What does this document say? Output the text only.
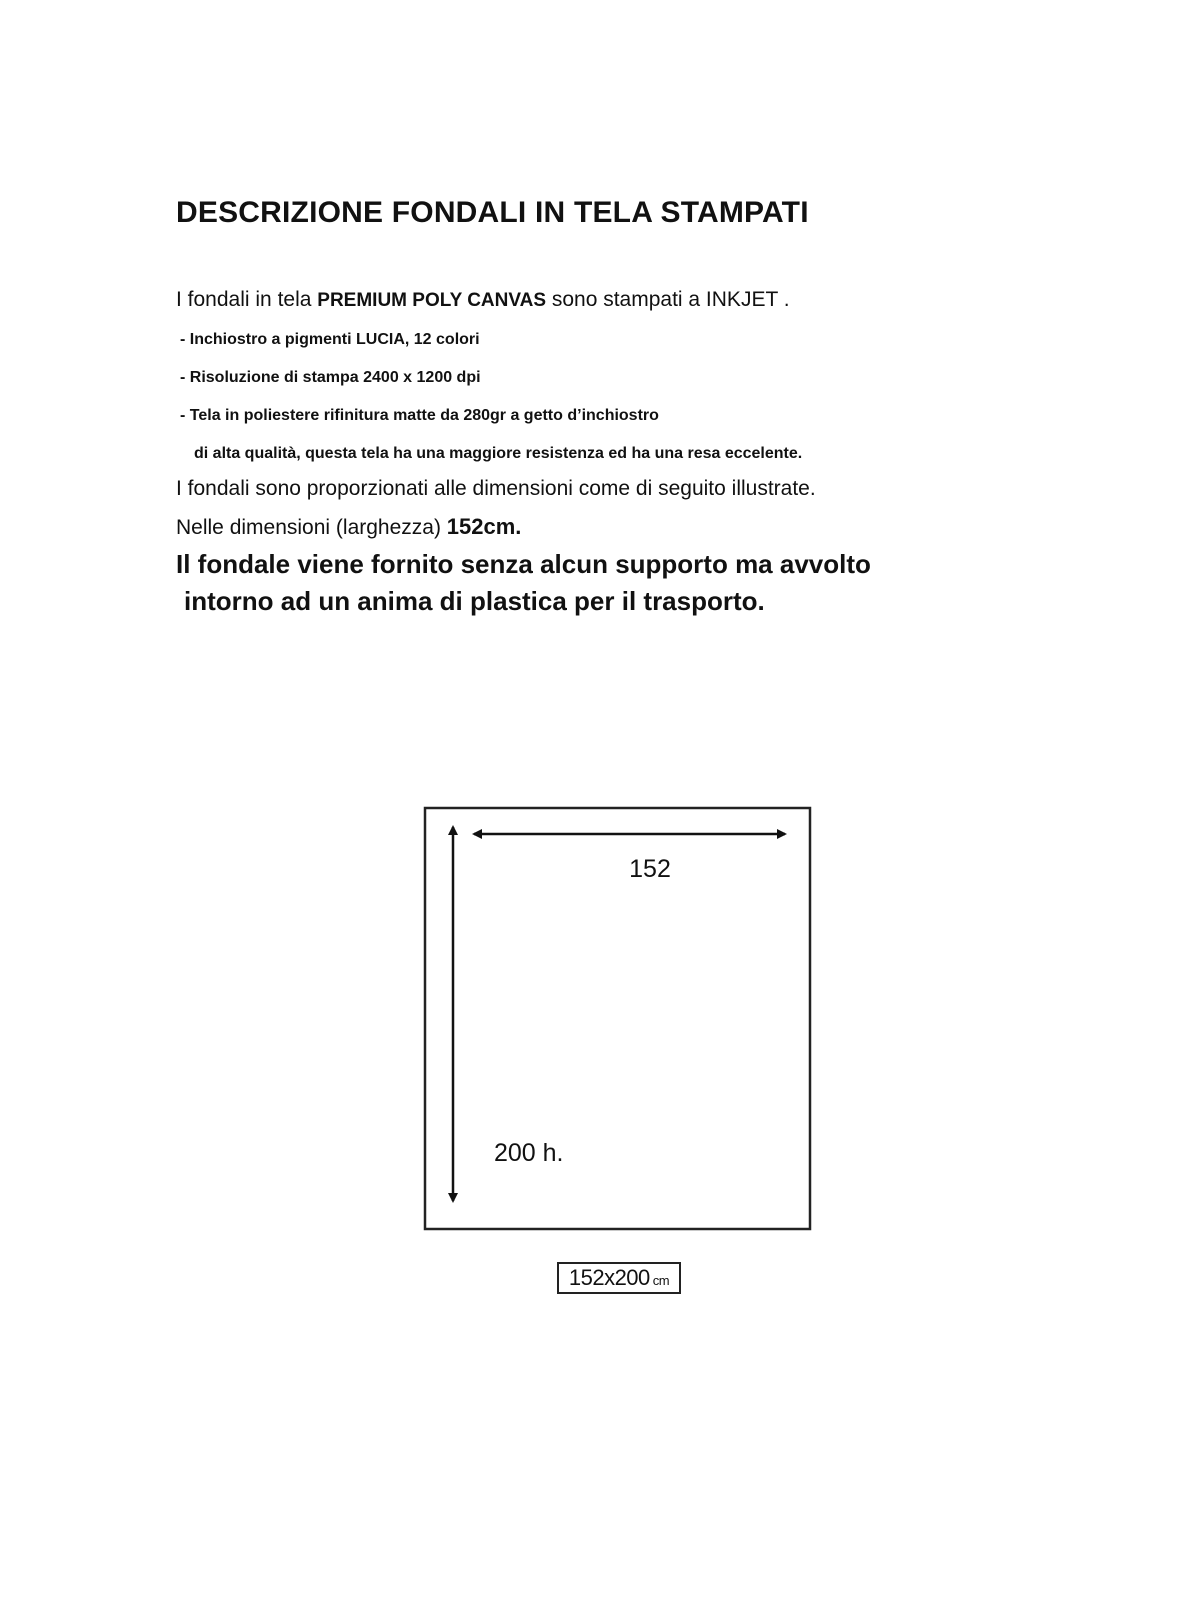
DESCRIZIONE FONDALI IN TELA STAMPATI

I fondali in tela PREMIUM POLY CANVAS sono stampati a INKJET .

- Inchiostro a pigmenti LUCIA, 12 colori

- Risoluzione di stampa 2400 x 1200 dpi

- Tela in poliestere rifinitura matte da 280gr a getto d’inchiostro

di alta qualità, questa tela ha una maggiore resistenza ed ha una resa eccelente.

I fondali sono proporzionati alle dimensioni come di seguito illustrate.

Nelle dimensioni (larghezza) 152cm.

Il fondale viene fornito senza alcun supporto ma avvolto

intorno ad un anima di plastica per il trasporto.

152
200 h.
152x200 cm
